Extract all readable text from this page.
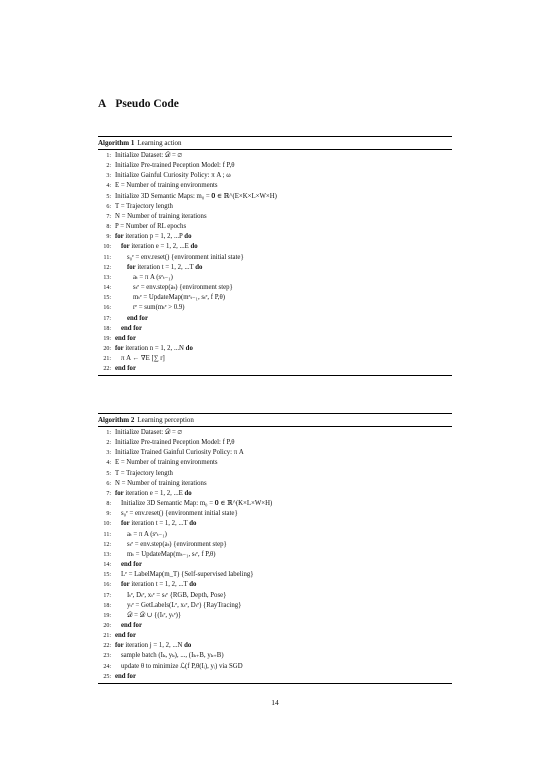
A Pseudo Code
Algorithm 1 Learning action
1: Initialize Dataset: 𝒟 = ∅
2: Initialize Pre-trained Peception Model: f P,θ
3: Initialize Gainful Curiosity Policy: π A ; ω
4: E = Number of training environments
5: Initialize 3D Semantic Maps: m₀ = 𝟎 ∈ ℝ^(E×K×L×W×H)
6: T = Trajectory length
7: N = Number of training iterations
8: P = Number of RL epochs
9: for iteration p = 1, 2, ...P do
10: for iteration e = 1, 2, ...E do
11: s₀ᵉ = env.reset() {environment initial state}
12: for iteration t = 1, 2, ...T do
13:	aₜ = π A (sᵉₜ₋₁)
14:	sₜᵉ = env.step(aₜ) {environment step}
15:	mₜᵉ = UpdateMap(mᵉₜ₋₁, sₜᵉ, f P,θ)
16:	rᵉ = sum(mₜᵉ > 0.9)
17: end for
18: end for
19: end for
20: for iteration n = 1, 2, ...N do
21: π A ← ∇E [∑ r]
22: end for
Algorithm 2 Learning perception
1: Initialize Dataset: 𝒟 = ∅
2: Initialize Pre-trained Peception Model: f P,θ
3: Initialize Trained Gainful Curiosity Policy: π A
4: E = Number of training environments
5: T = Trajectory length
6: N = Number of training iterations
7: for iteration e = 1, 2, ...E do
8: Initialize 3D Semantic Map: m₀ = 𝟎 ∈ ℝ^(K×L×W×H)
9: s₀ᵉ = env.reset() {environment initial state}
10: for iteration t = 1, 2, ...T do
11: aₜ = π A (sᵉₜ₋₁)
12: sₜᵉ = env.step(aₜ) {environment step}
13: mₜ = UpdateMap(mₜ₋₁, sₜᵉ, f P,θ)
14: end for
15: Lᵉ = LabelMap(m_T) {Self-supervised labeling}
16: for iteration t = 1, 2, ...T do
17: Iₜᵉ, Dₜᵉ, xₜᵉ = sₜᵉ {RGB, Depth, Pose}
18: yₜᵉ = GetLabels(Lᵉ, xₜᵉ, Dₜᵉ) {RayTracing}
19: 𝒟 = 𝒟 ∪ {(Iₜᵉ, yₜᵉ)}
20: end for
21: end for
22: for iteration j = 1, 2, ...N do
23: sample batch (Iₖ, yₖ), ..., (Iₖ₊B, yₖ₊B)
24: update θ to minimize ℒ(f P,θ(Iᵢ), yᵢ) via SGD
25: end for
14
